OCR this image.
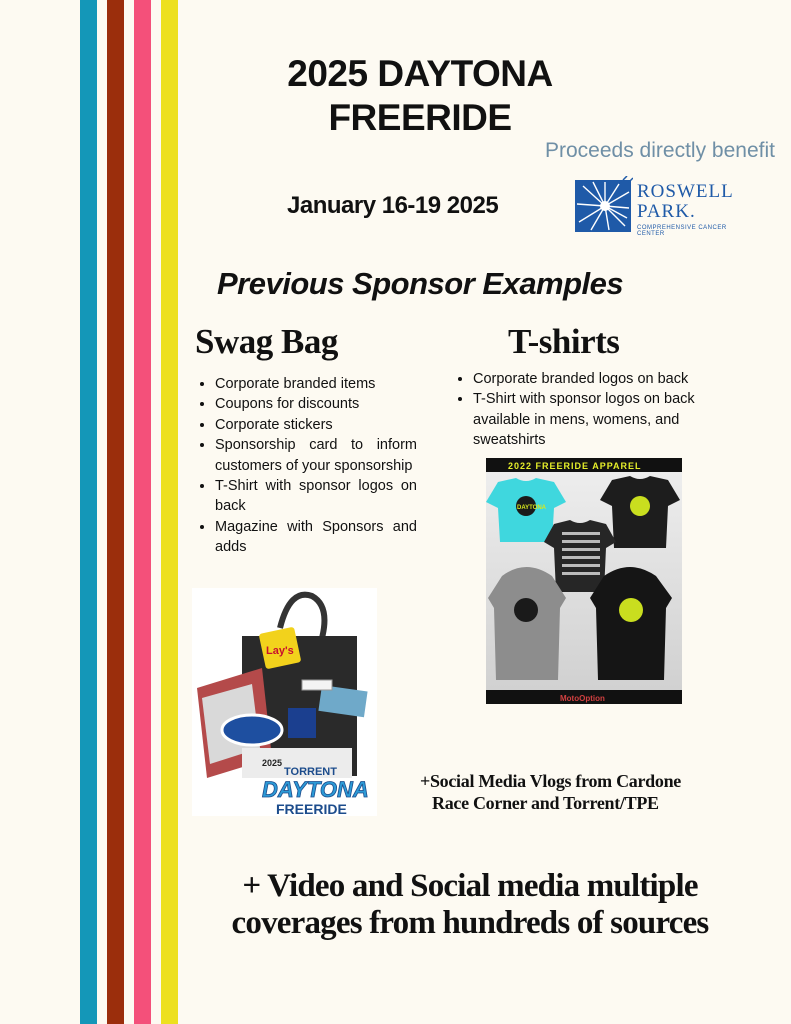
2025 DAYTONA
FREERIDE

Proceeds directly benefit

January 16-19 2025

ROSWELL
PARK.
COMPREHENSIVE CANCER CENTER
Previous Sponsor Examples
Swag Bag	T-shirts
• Corporate branded items
• Coupons for discounts
• Corporate stickers
• Sponsorship card to inform customers of your sponsorship
• T-Shirt with sponsor logos on back
• Magazine with Sponsors and adds
• Corporate branded logos on back
• T-Shirt with sponsor logos on back available in mens, womens, and sweatshirts
Lay's
2025
TORRENT
DAYTONA
FREERIDE
2022 FREERIDE APPAREL
DAYTONA
MotoOption

+Social Media Vlogs from Cardone
Race Corner and Torrent/TPE

+ Video and Social media multiple
coverages from hundreds of sources
